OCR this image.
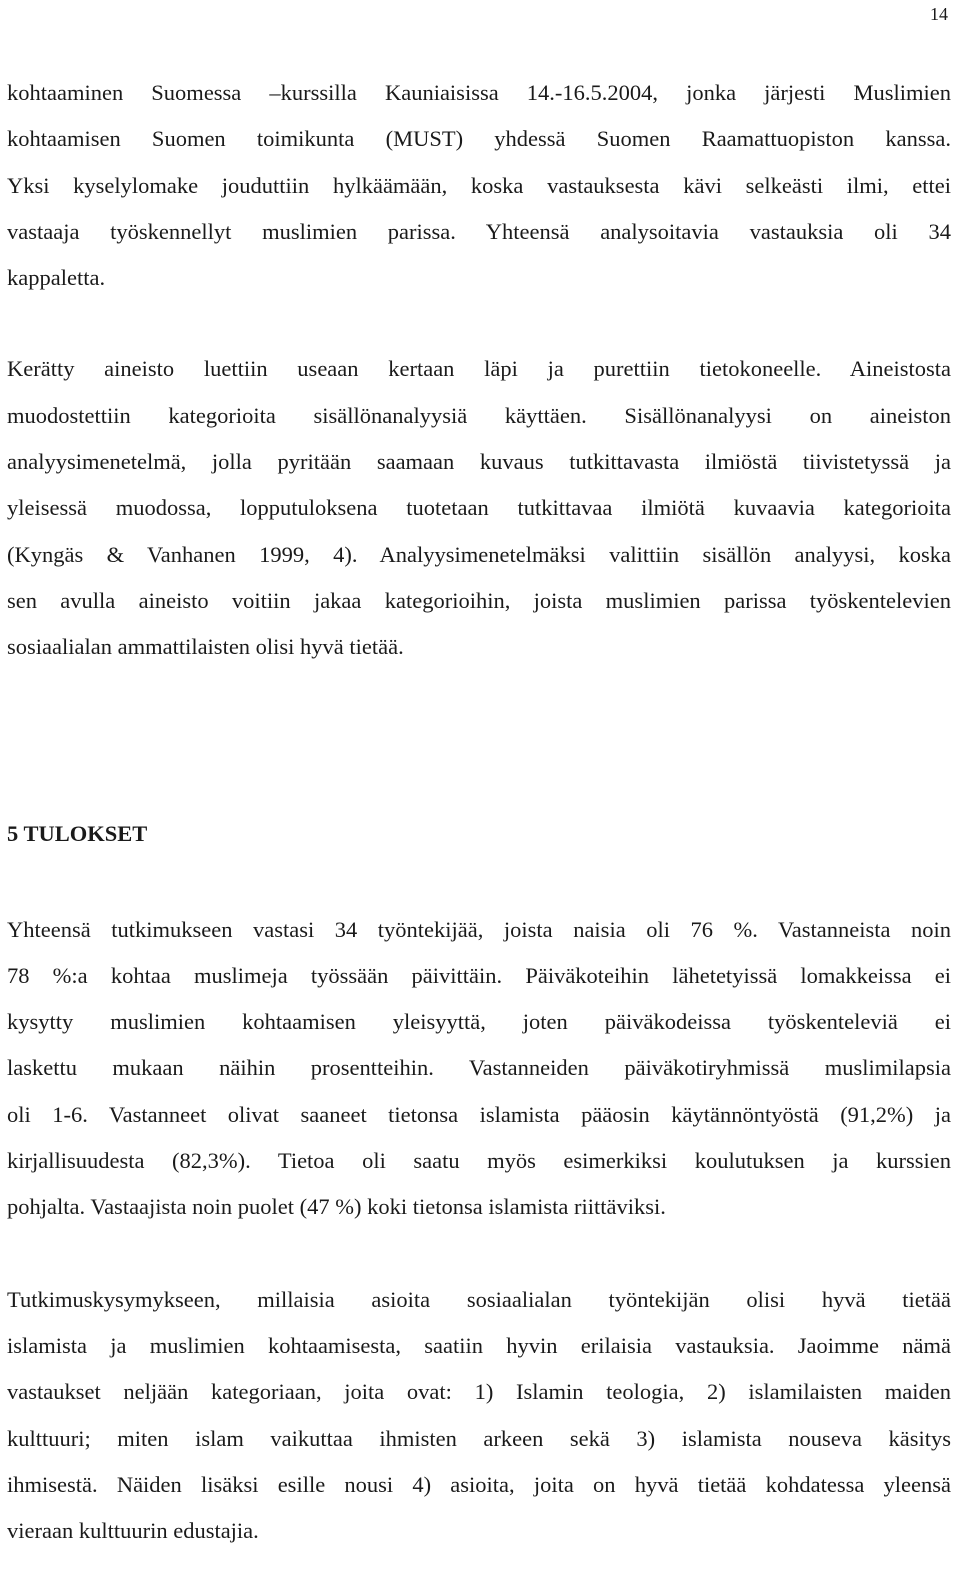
14

kohtaaminen Suomessa –kurssilla Kauniaisissa 14.-16.5.2004, jonka järjesti Muslimien
kohtaamisen Suomen toimikunta (MUST) yhdessä Suomen Raamattuopiston kanssa.
Yksi kyselylomake jouduttiin hylkäämään, koska vastauksesta kävi selkeästi ilmi, ettei
vastaaja työskennellyt muslimien parissa. Yhteensä analysoitavia vastauksia oli 34
kappaletta.

Kerätty aineisto luettiin useaan kertaan läpi ja purettiin tietokoneelle. Aineistosta
muodostettiin kategorioita sisällönanalyysiä käyttäen. Sisällönanalyysi on aineiston
analyysimenetelmä, jolla pyritään saamaan kuvaus tutkittavasta ilmiöstä tiivistetyssä ja
yleisessä muodossa, lopputuloksena tuotetaan tutkittavaa ilmiötä kuvaavia kategorioita
(Kyngäs & Vanhanen 1999, 4). Analyysimenetelmäksi valittiin sisällön analyysi, koska
sen avulla aineisto voitiin jakaa kategorioihin, joista muslimien parissa työskentelevien
sosiaalialan ammattilaisten olisi hyvä tietää.

5 TULOKSET

Yhteensä tutkimukseen vastasi 34 työntekijää, joista naisia oli 76 %. Vastanneista noin
78 %:a kohtaa muslimeja työssään päivittäin. Päiväkoteihin lähetetyissä lomakkeissa ei
kysytty muslimien kohtaamisen yleisyyttä, joten päiväkodeissa työskenteleviä ei
laskettu mukaan näihin prosentteihin. Vastanneiden päiväkotiryhmissä muslimilapsia
oli 1-6. Vastanneet olivat saaneet tietonsa islamista pääosin käytännöntyöstä (91,2%) ja
kirjallisuudesta (82,3%). Tietoa oli saatu myös esimerkiksi koulutuksen ja kurssien
pohjalta. Vastaajista noin puolet (47 %) koki tietonsa islamista riittäviksi.

Tutkimuskysymykseen, millaisia asioita sosiaalialan työntekijän olisi hyvä tietää
islamista ja muslimien kohtaamisesta, saatiin hyvin erilaisia vastauksia. Jaoimme nämä
vastaukset neljään kategoriaan, joita ovat: 1) Islamin teologia, 2) islamilaisten maiden
kulttuuri; miten islam vaikuttaa ihmisten arkeen sekä 3) islamista nouseva käsitys
ihmisestä. Näiden lisäksi esille nousi 4) asioita, joita on hyvä tietää kohdatessa yleensä
vieraan kulttuurin edustajia.
